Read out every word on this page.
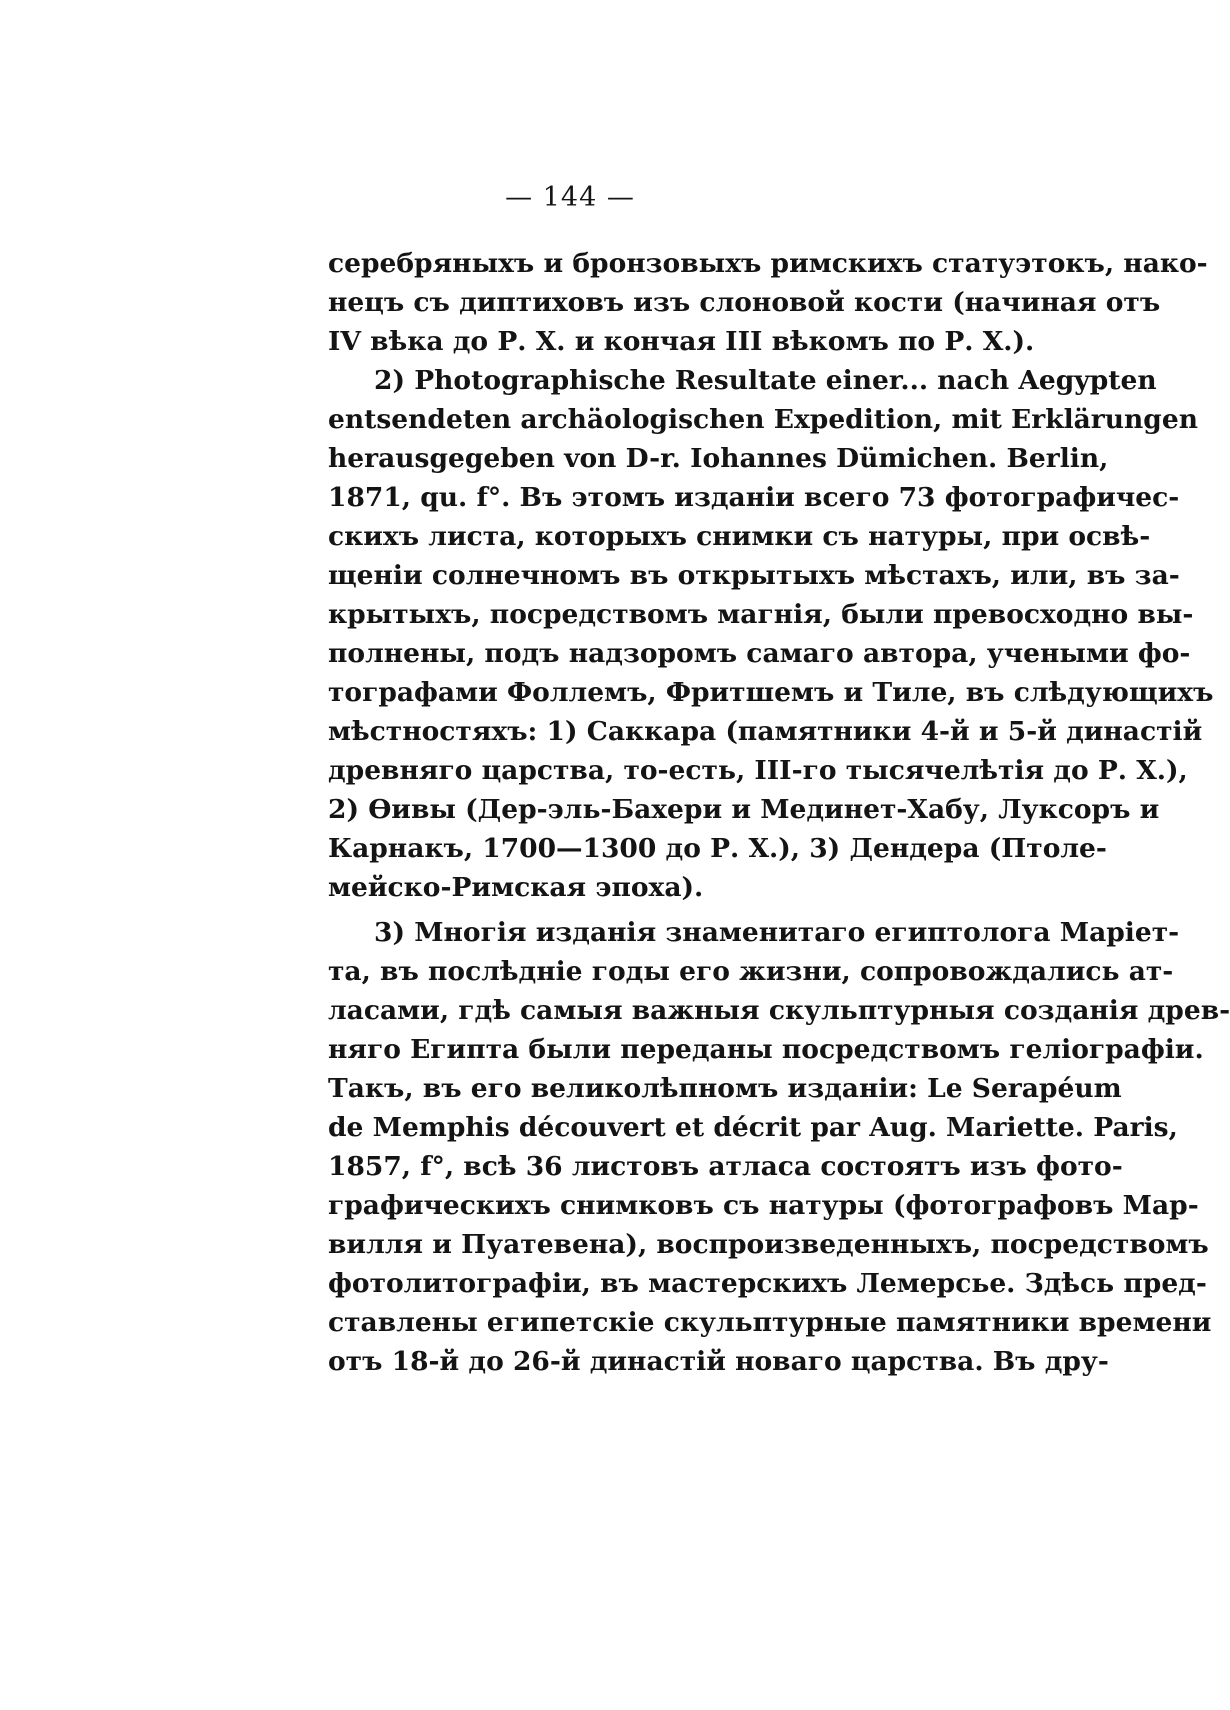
— 144 —
серебряныхъ и бронзовыхъ римскихъ статуэтокъ, нако-
нецъ съ диптиховъ изъ слоновой кости (начиная отъ
IV вѣка до Р. X. и кончая III вѣкомъ по Р. X.).
2) Photographische Resultate einer... nach Aegypten
entsendeten archäologischen Expedition, mit Erklärungen
herausgegeben von D-r. Iohannes Dümichen. Berlin,
1871, qu. f°. Въ этомъ изданіи всего 73 фотографичес-
скихъ листа, которыхъ снимки съ натуры, при освѣ-
щеніи солнечномъ въ открытыхъ мѣстахъ, или, въ за-
крытыхъ, посредствомъ магнія, были превосходно вы-
полнены, подъ надзоромъ самаго автора, учеными фо-
тографами Фоллемъ, Фритшемъ и Тиле, въ слѣдующихъ
мѣстностяхъ: 1) Саккара (памятники 4-й и 5-й династій
древняго царства, то-есть, III-го тысячелѣтія до Р. X.),
2) Ѳивы (Дер-эль-Бахери и Мединет-Хабу, Луксоръ и
Карнакъ, 1700—1300 до Р. X.), 3) Дендера (Птоле-
мейско-Римская эпоха).
3) Многія изданія знаменитаго египтолога Маріет-
та, въ послѣдніе годы его жизни, сопровождались ат-
ласами, гдѣ самыя важныя скульптурныя созданія древ-
няго Египта были переданы посредствомъ геліографіи.
Такъ, въ его великолѣпномъ изданіи: Le Serapéum
de Memphis découvert et décrit par Aug. Mariette. Paris,
1857, f°, всѣ 36 листовъ атласа состоятъ изъ фото-
графическихъ снимковъ съ натуры (фотографовъ Мар-
вилля и Пуатевена), воспроизведенныхъ, посредствомъ
фотолитографіи, въ мастерскихъ Лемерсье. Здѣсь пред-
ставлены египетскіе скульптурные памятники времени
отъ 18-й до 26-й династій новаго царства. Въ дру-
